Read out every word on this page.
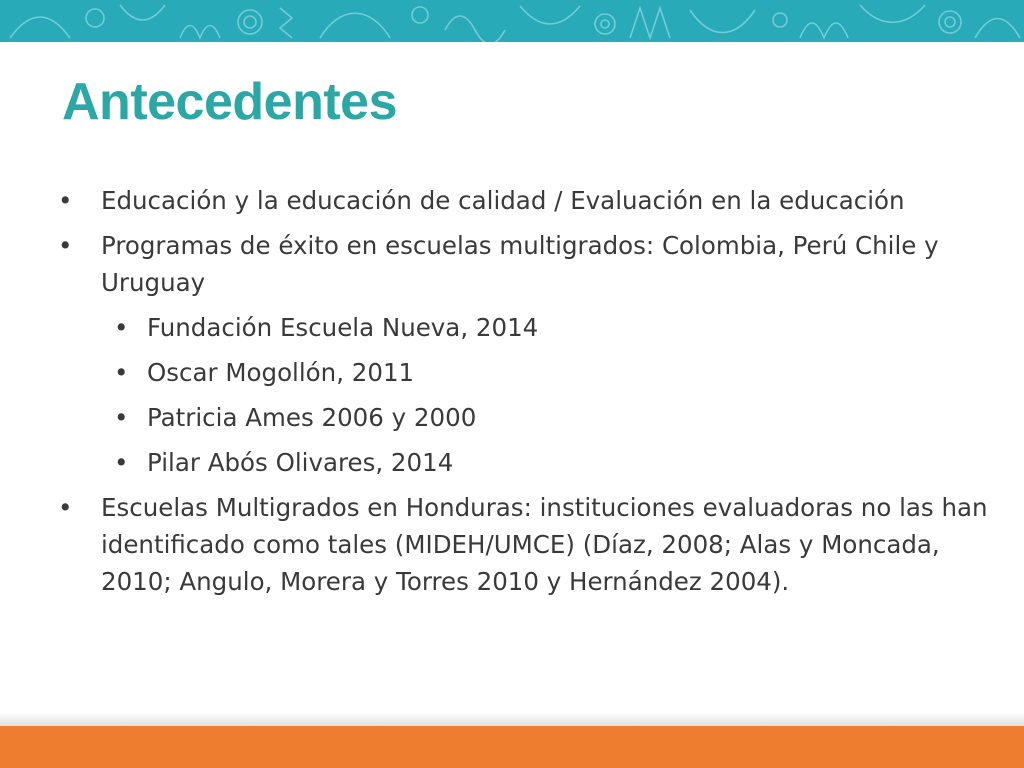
Antecedentes
• Educación y la educación de calidad / Evaluación en la educación
• Programas de éxito en escuelas multigrados: Colombia, Perú Chile y Uruguay
• Fundación Escuela Nueva, 2014
• Oscar Mogollón, 2011
• Patricia Ames 2006 y 2000
• Pilar Abós Olivares, 2014
• Escuelas Multigrados en Honduras: instituciones evaluadoras no las han identificado como tales (MIDEH/UMCE) (Díaz, 2008; Alas y Moncada, 2010; Angulo, Morera y Torres 2010 y Hernández 2004).
